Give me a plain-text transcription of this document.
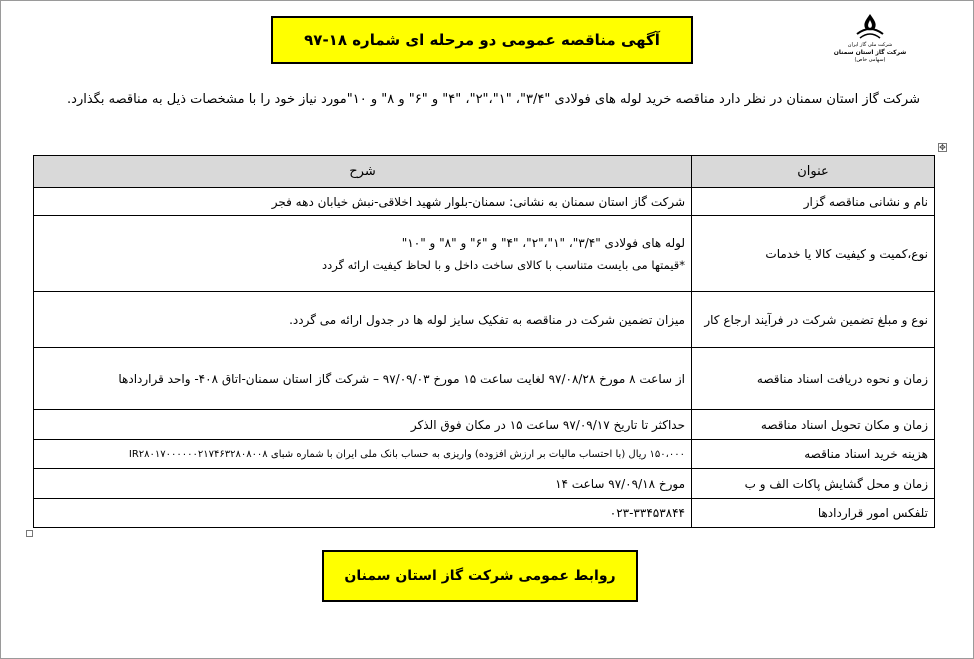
شرکت ملی گاز ایران
شرکت گاز استان سمنان
(سهامی خاص)
آگهی مناقصه عمومی دو مرحله ای شماره ۱۸-۹۷
شرکت گاز استان سمنان در نظر دارد مناقصه خرید لوله های فولادی "۳/۴"، "۱"،"۲"، "۴" و "۶" و ۸" و ۱۰"مورد نیاز خود را با مشخصات ذیل به مناقصه بگذارد.
✥
عنوان	شرح
نام و نشانی مناقصه گزار	شرکت گاز استان سمنان به نشانی: سمنان-بلوار شهید اخلاقی-نبش خیابان دهه فجر
نوع،کمیت و کیفیت کالا یا خدمات	لوله های فولادی "۳/۴"، "۱"،"۲"، "۴" و "۶" و "۸" و "۱۰"
*قیمتها می بایست متناسب با کالای ساخت داخل و با لحاظ کیفیت ارائه گردد

نوع و مبلغ تضمین شرکت در فرآیند ارجاع کار	میزان تضمین شرکت در مناقصه به تفکیک سایز لوله ها در جدول ارائه می گردد.
زمان و نحوه دریافت اسناد مناقصه	از ساعت ۸ مورخ ۹۷/۰۸/۲۸ لغایت ساعت ۱۵ مورخ ۹۷/۰۹/۰۳ – شرکت گاز استان سمنان-اتاق ۴۰۸- واحد قراردادها
زمان و مکان تحویل اسناد مناقصه	حداکثر تا تاریخ ۹۷/۰۹/۱۷ ساعت ۱۵ در مکان فوق الذکر
هزینه خرید اسناد مناقصه	۱۵۰،۰۰۰ ریال (با احتساب مالیات بر ارزش افزوده) واریزی به حساب بانک ملی ایران با شماره شبای IR۲۸۰۱۷۰۰۰۰۰۰۲۱۷۴۶۳۲۸۰۸۰۰۸
زمان و محل گشایش پاکات الف و ب	مورخ ۹۷/۰۹/۱۸ ساعت ۱۴
تلفکس امور قراردادها	۰۲۳-۳۳۴۵۳۸۴۴
روابط عمومی شرکت گاز استان سمنان
